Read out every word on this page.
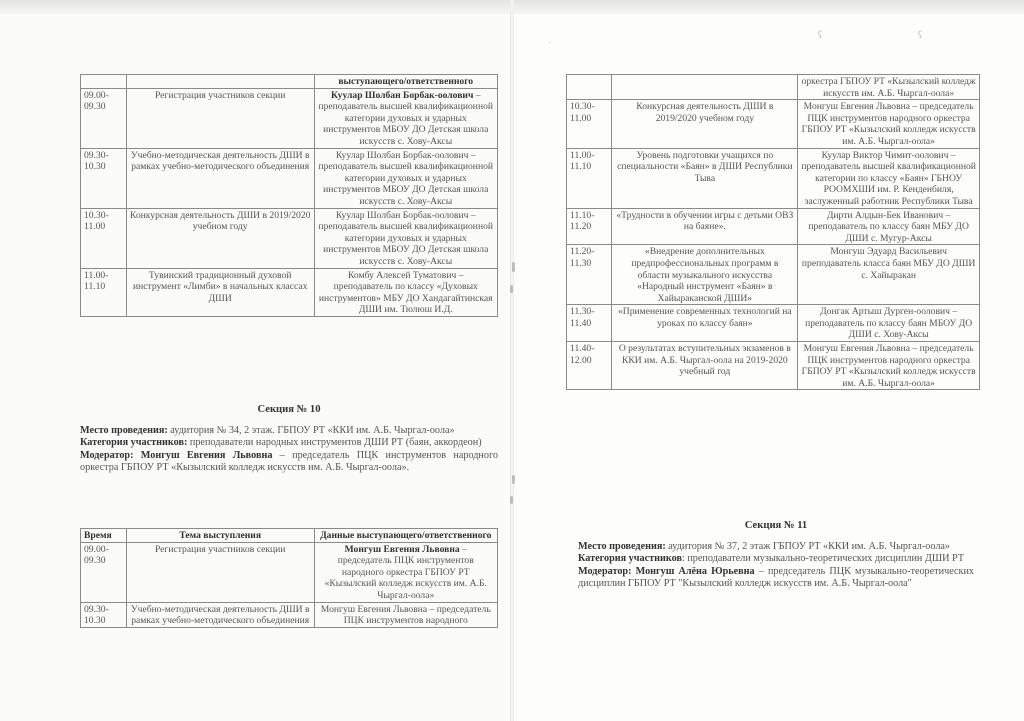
ʕ	ʕ
·
		выступающего/ответственного
09.00-
09.30	Регистрация участников секции	Куулар Шолбан Борбак-оолович – преподаватель высшей квалификационной категории духовых и ударных инструментов МБОУ ДО Детская школа искусств с. Хову-Аксы
09.30-
10.30	Учебно-методическая деятельность ДШИ в рамках учебно-методического объединения	Куулар Шолбан Борбак-оолович – преподаватель высшей квалификационной категории духовых и ударных инструментов МБОУ ДО Детская школа искусств с. Хову-Аксы
10.30-
11.00	Конкурсная деятельность ДШИ в 2019/2020 учебном году	Куулар Шолбан Борбак-оолович – преподаватель высшей квалификационной категории духовых и ударных инструментов МБОУ ДО Детская школа искусств с. Хову-Аксы
11.00-
11.10	Тувинский традиционный духовой инструмент «Лимби» в начальных классах ДШИ	Комбу Алексей Туматович – преподаватель по классу «Духовых инструментов» МБУ ДО Хандагайтинская ДШИ им. Тюлюш И.Д.
Секция № 10

Место проведения: аудитория № 34, 2 этаж. ГБПОУ РТ «ККИ им. А.Б. Чыргал-оола»

Категория участников: преподаватели народных инструментов ДШИ РТ (баян, аккордеон)

Модератор: Монгуш Евгения Львовна – председатель ПЦК инструментов народного оркестра ГБПОУ РТ «Кызылский колледж искусств им. А.Б. Чыргал-оола».

Время	Тема выступления	Данные выступающего/ответственного
09.00-
09.30	Регистрация участников секции	Монгуш Евгения Львовна – председатель ПЦК инструментов народного оркестра ГБПОУ РТ «Кызылский колледж искусств им. А.Б. Чыргал-оола»
09.30-
10.30	Учебно-методическая деятельность ДШИ в рамках учебно-методического объединения	Монгуш Евгения Львовна – председатель ПЦК инструментов народного
		оркестра ГБПОУ РТ «Кызылский колледж искусств им. А.Б. Чыргал-оола»
10.30-
11.00	Конкурсная деятельность ДШИ в 2019/2020 учебном году	Монгуш Евгения Львовна – председатель ПЦК инструментов народного оркестра ГБПОУ РТ «Кызылский колледж искусств им. А.Б. Чыргал-оола»
11.00-
11.10	Уровень подготовки учащихся по специальности «Баян» в ДШИ Республики Тыва	Куулар Виктор Чимит-оолович – преподаватель высшей квалификационной категории по классу «Баян» ГБНОУ РООМХШИ им. Р. Кенденбиля, заслуженный работник Республики Тыва
11.10-
11.20	«Трудности в обучении игры с детьми ОВЗ на баяне».	Дирти Алдын-Бек Иванович – преподаватель по классу баян МБУ ДО ДШИ с. Мугур-Аксы
11.20-
11.30	«Внедрение дополнительных предпрофессиональных программ в области музыкального искусства «Народный инструмент «Баян» в Хайыраканской ДШИ»	Монгуш Эдуард Васильевич преподаватель класса баян МБУ ДО ДШИ с. Хайыракан
11.30-
11.40	«Применение современных технологий на уроках по классу баян»	Донгак Артыш Дурген-оолович – преподаватель по классу баян МБОУ ДО ДШИ с. Хову-Аксы
11.40-
12.00	О результатах вступительных экзаменов в ККИ им. А.Б. Чыргал-оола на 2019-2020 учебный год	Монгуш Евгения Львовна – председатель ПЦК инструментов народного оркестра ГБПОУ РТ «Кызылский колледж искусств им. А.Б. Чыргал-оола»
Секция № 11

Место проведения: аудитория № 37, 2 этаж ГБПОУ РТ «ККИ им. А.Б. Чыргал-оола»

Категория участников: преподаватели музыкально-теоретических дисциплин ДШИ РТ

Модератор: Монгуш Алёна Юрьевна – председатель ПЦК музыкально-теоретических дисциплин ГБПОУ РТ "Кызылский колледж искусств им. А.Б. Чыргал-оола"
